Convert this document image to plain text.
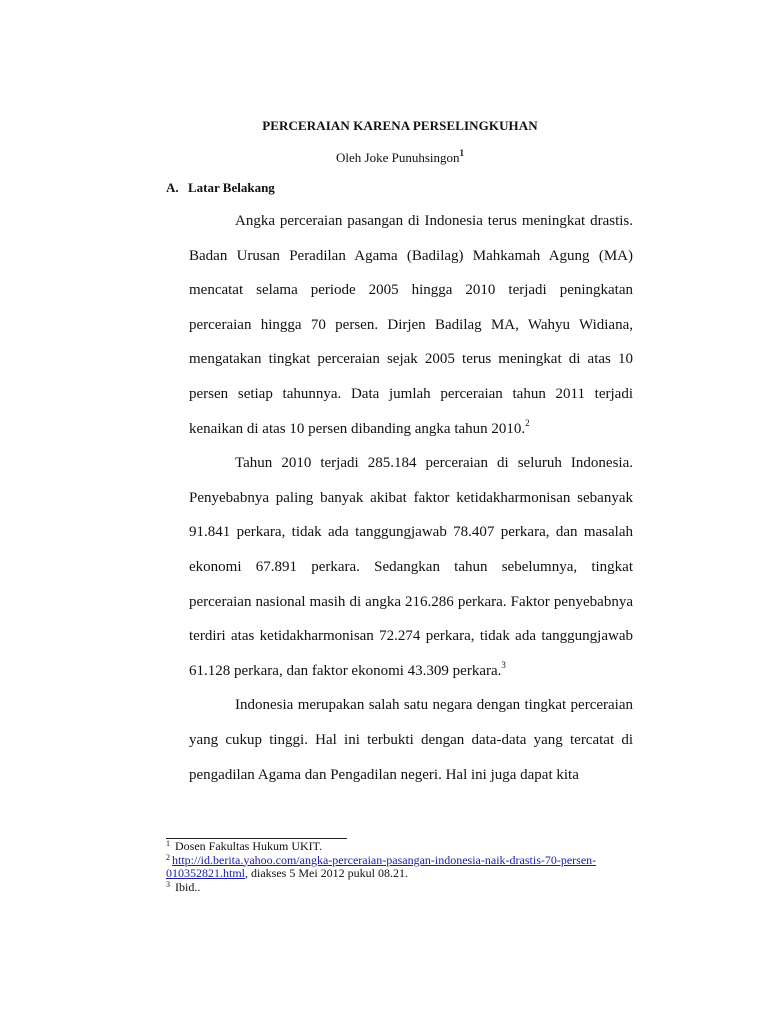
PERCERAIAN KARENA PERSELINGKUHAN
Oleh Joke Punuhsingon$^1$
A. Latar Belakang

Angka perceraian pasangan di Indonesia terus meningkat drastis. Badan Urusan Peradilan Agama (Badilag) Mahkamah Agung (MA) mencatat selama periode 2005 hingga 2010 terjadi peningkatan perceraian hingga 70 persen. Dirjen Badilag MA, Wahyu Widiana, mengatakan tingkat perceraian sejak 2005 terus meningkat di atas 10 persen setiap tahunnya. Data jumlah perceraian tahun 2011 terjadi kenaikan di atas 10 persen dibanding angka tahun 2010.$^2$

Tahun 2010 terjadi 285.184 perceraian di seluruh Indonesia. Penyebabnya paling banyak akibat faktor ketidakharmonisan sebanyak 91.841 perkara, tidak ada tanggungjawab 78.407 perkara, dan masalah ekonomi 67.891 perkara. Sedangkan tahun sebelumnya, tingkat perceraian nasional masih di angka 216.286 perkara. Faktor penyebabnya terdiri atas ketidakharmonisan 72.274 perkara, tidak ada tanggungjawab 61.128 perkara, dan faktor ekonomi 43.309 perkara.$^3$

Indonesia merupakan salah satu negara dengan tingkat perceraian yang cukup tinggi. Hal ini terbukti dengan data-data yang tercatat di pengadilan Agama dan Pengadilan negeri. Hal ini juga dapat kita

$^1$ Dosen Fakultas Hukum UKIT.

$^2$ http://id.berita.yahoo.com/angka-perceraian-pasangan-indonesia-naik-drastis-70-persen-010352821.html, diakses 5 Mei 2012 pukul 08.21.

$^3$ Ibid..
